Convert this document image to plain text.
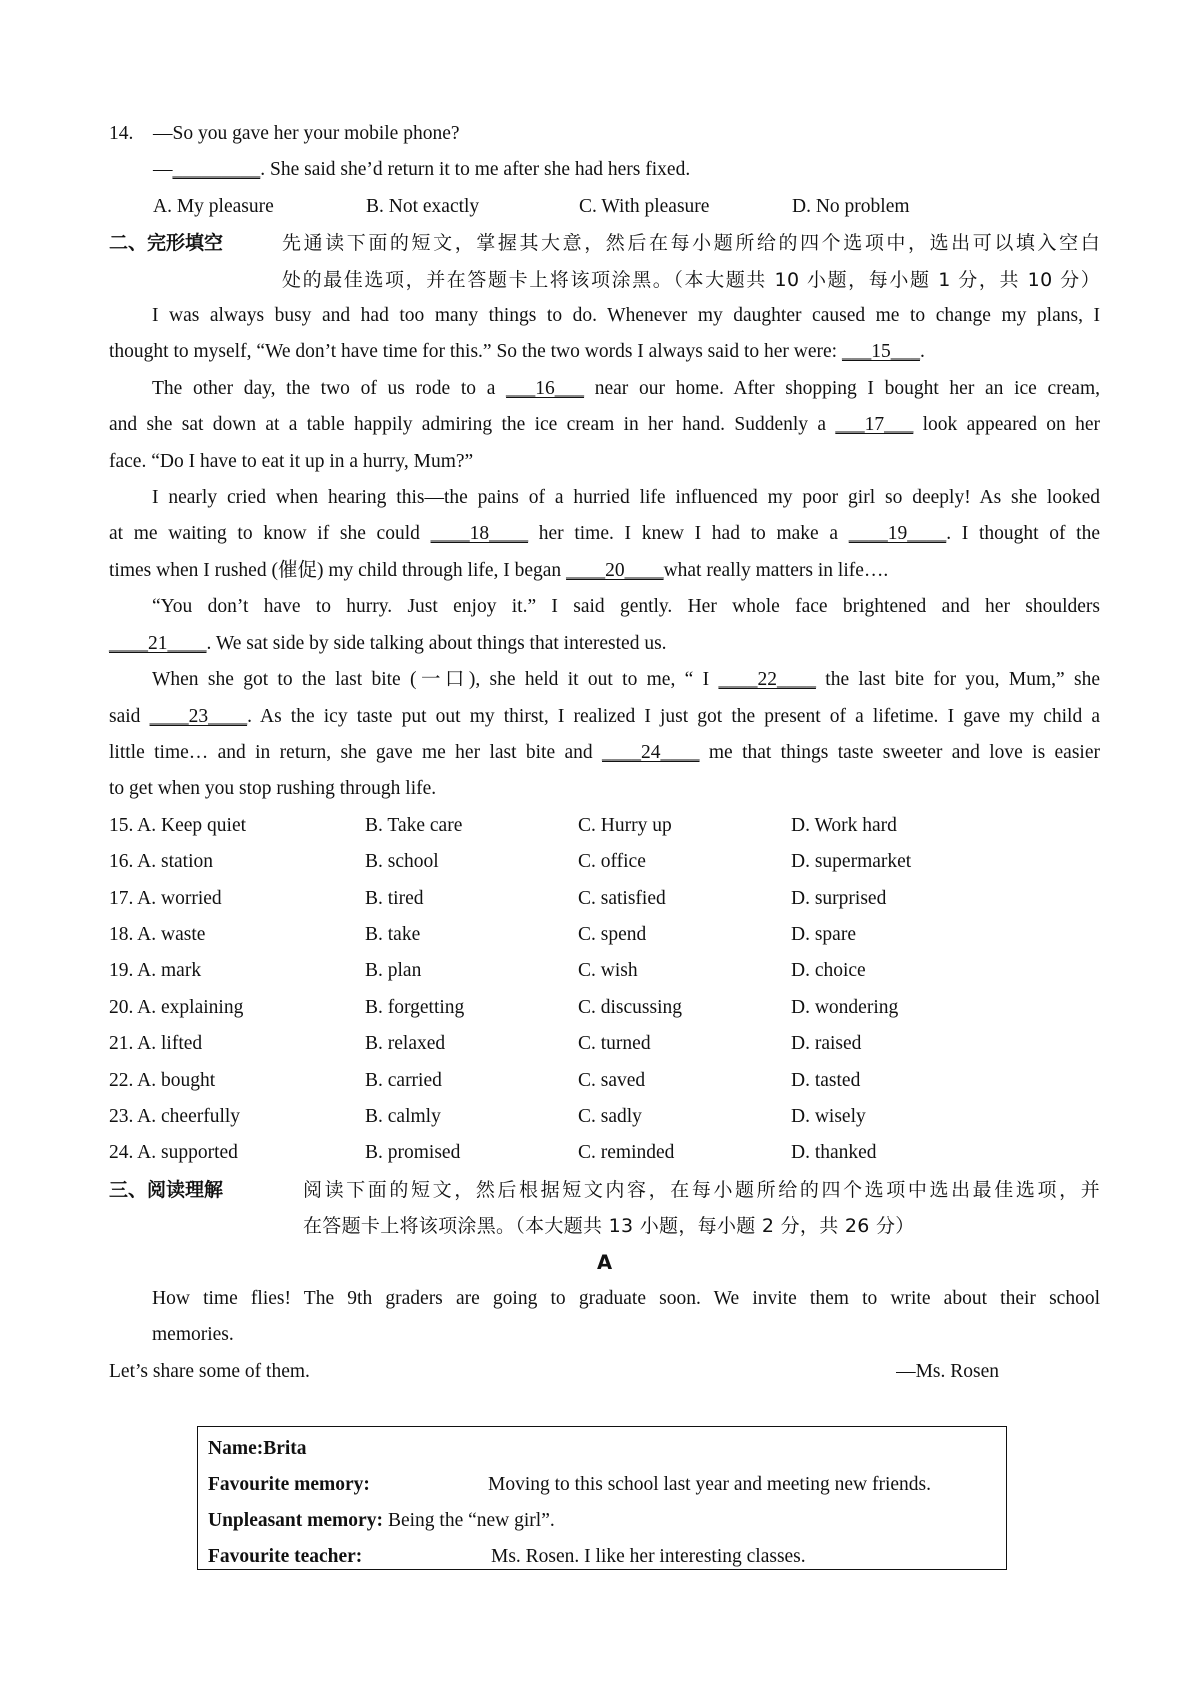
14. —So you gave her your mobile phone?
—_________. She said she’d return it to me after she had hers fixed.
A. My pleasure	B. Not exactly	C. With pleasure	D. No problem
二、完形填空	先通读下面的短文，掌握其大意，然后在每小题所给的四个选项中，选出可以填入空白
处的最佳选项，并在答题卡上将该项涂黑。（本大题共 10 小题，每小题 1 分，共 10 分）
I was always busy and had too many things to do. Whenever my daughter caused me to change my plans, I
thought to myself, “We don’t have time for this.” So the two words I always said to her were: ___15___.
The other day, the two of us rode to a ___16___ near our home. After shopping I bought her an ice cream,
and she sat down at a table happily admiring the ice cream in her hand. Suddenly a ___17___ look appeared on her
face. “Do I have to eat it up in a hurry, Mum?”
I nearly cried when hearing this—the pains of a hurried life influenced my poor girl so deeply! As she looked
at me waiting to know if she could ____18____ her time. I knew I had to make a ____19____. I thought of the
times when I rushed (催促) my child through life, I began ____20____what really matters in life….
“You don’t have to hurry. Just enjoy it.” I said gently. Her whole face brightened and her shoulders
____21____. We sat side by side talking about things that interested us.
When she got to the last bite (一口), she held it out to me, “ I ____22____ the last bite for you, Mum,” she
said ____23____. As the icy taste put out my thirst, I realized I just got the present of a lifetime. I gave my child a
little time… and in return, she gave me her last bite and ____24____ me that things taste sweeter and love is easier
to get when you stop rushing through life.
15. A. Keep quiet	B. Take care	C. Hurry up	D. Work hard
16. A. station	B. school	C. office	D. supermarket
17. A. worried	B. tired	C. satisfied	D. surprised
18. A. waste	B. take	C. spend	D. spare
19. A. mark	B. plan	C. wish	D. choice
20. A. explaining	B. forgetting	C. discussing	D. wondering
21. A. lifted	B. relaxed	C. turned	D. raised
22. A. bought	B. carried	C. saved	D. tasted
23. A. cheerfully	B. calmly	C. sadly	D. wisely
24. A. supported	B. promised	C. reminded	D. thanked
三、阅读理解	阅读下面的短文，然后根据短文内容，在每小题所给的四个选项中选出最佳选项，并
在答题卡上将该项涂黑。（本大题共 13 小题，每小题 2 分，共 26 分）
A
How time flies! The 9th graders are going to graduate soon. We invite them to write about their school
memories.
Let’s share some of them.	—Ms. Rosen
Name:Brita
Favourite memory:	Moving to this school last year and meeting new friends.
Unpleasant memory: Being the “new girl”.
Favourite teacher:	Ms. Rosen. I like her interesting classes.
